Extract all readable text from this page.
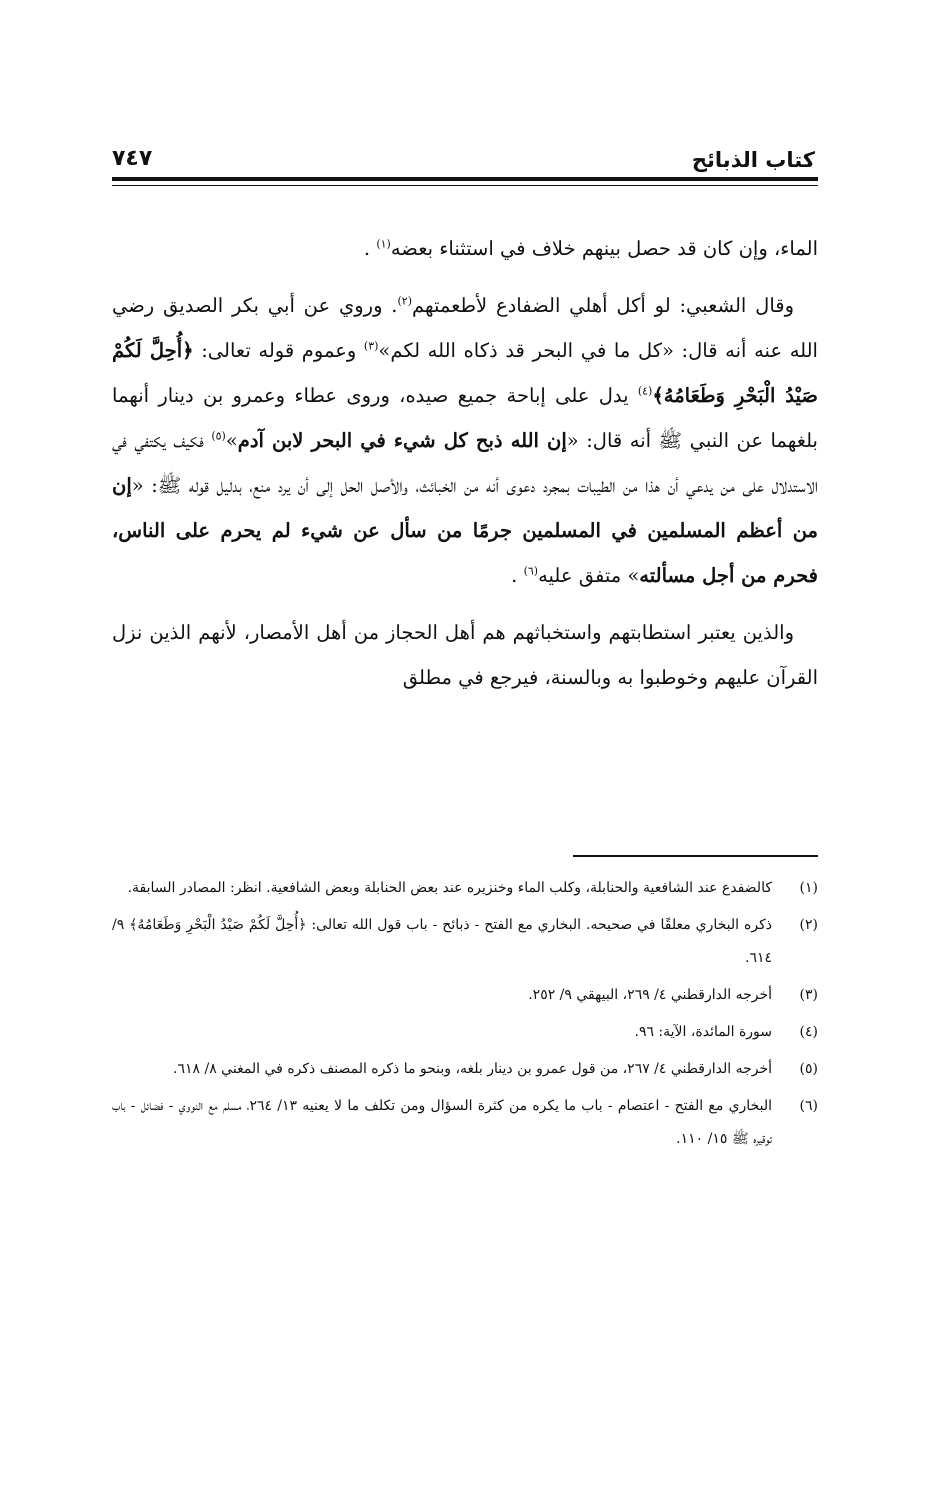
كتاب الذبائح
٧٤٧

الماء، وإن كان قد حصل بينهم خلاف في استثناء بعضه$^{(١)}$ .

وقال الشعبي: لو أكل أهلي الضفادع لأطعمتهم$^{(٢)}$. وروي عن أبي بكر الصديق رضي الله عنه أنه قال: «كل ما في البحر قد ذكاه الله لكم»$^{(٣)}$ وعموم قوله تعالى: ﴿أُحِلَّ لَكُمْ صَيْدُ الْبَحْرِ وَطَعَامُهُ﴾$^{(٤)}$ يدل على إباحة جميع صيده، وروى عطاء وعمرو بن دينار أنهما بلغهما عن النبي ﷺ أنه قال: «إن الله ذبح كل شيء في البحر لابن آدم»$^{(٥)}$ فكيف يكتفي في الاستدلال على من يدعي أن هذا من الطيبات بمجرد دعوى أنه من الخبائث، والأصل الحل إلى أن يرد منع، بدليل قوله ﷺ: «إن من أعظم المسلمين في المسلمين جرمًا من سأل عن شيء لم يحرم على الناس، فحرم من أجل مسألته» متفق عليه$^{(٦)}$ .

والذين يعتبر استطابتهم واستخباثهم هم أهل الحجاز من أهل الأمصار، لأنهم الذين نزل القرآن عليهم وخوطبوا به وبالسنة، فيرجع في مطلق

(١)
كالضفدع عند الشافعية والحنابلة، وكلب الماء وخنزيره عند بعض الحنابلة وبعض الشافعية. انظر: المصادر السابقة.
(٢)
ذكره البخاري معلقًا في صحيحه. البخاري مع الفتح - ذبائح - باب قول الله تعالى: ﴿أُحِلَّ لَكُمْ صَيْدُ الْبَحْرِ وَطَعَامُهُ﴾ ٩/ ٦١٤.
(٣)
أخرجه الدارقطني ٤/ ٢٦٩، البيهقي ٩/ ٢٥٢.
(٤)
سورة المائدة، الآية: ٩٦.
(٥)
أخرجه الدارقطني ٤/ ٢٦٧، من قول عمرو بن دينار بلغه، وبنحو ما ذكره المصنف ذكره في المغني ٨/ ٦١٨.
(٦)
البخاري مع الفتح - اعتصام - باب ما يكره من كثرة السؤال ومن تكلف ما لا يعنيه ١٣/ ٢٦٤، مسلم مع النووي - فضائل - باب توقيره ﷺ ١٥/ ١١٠.
